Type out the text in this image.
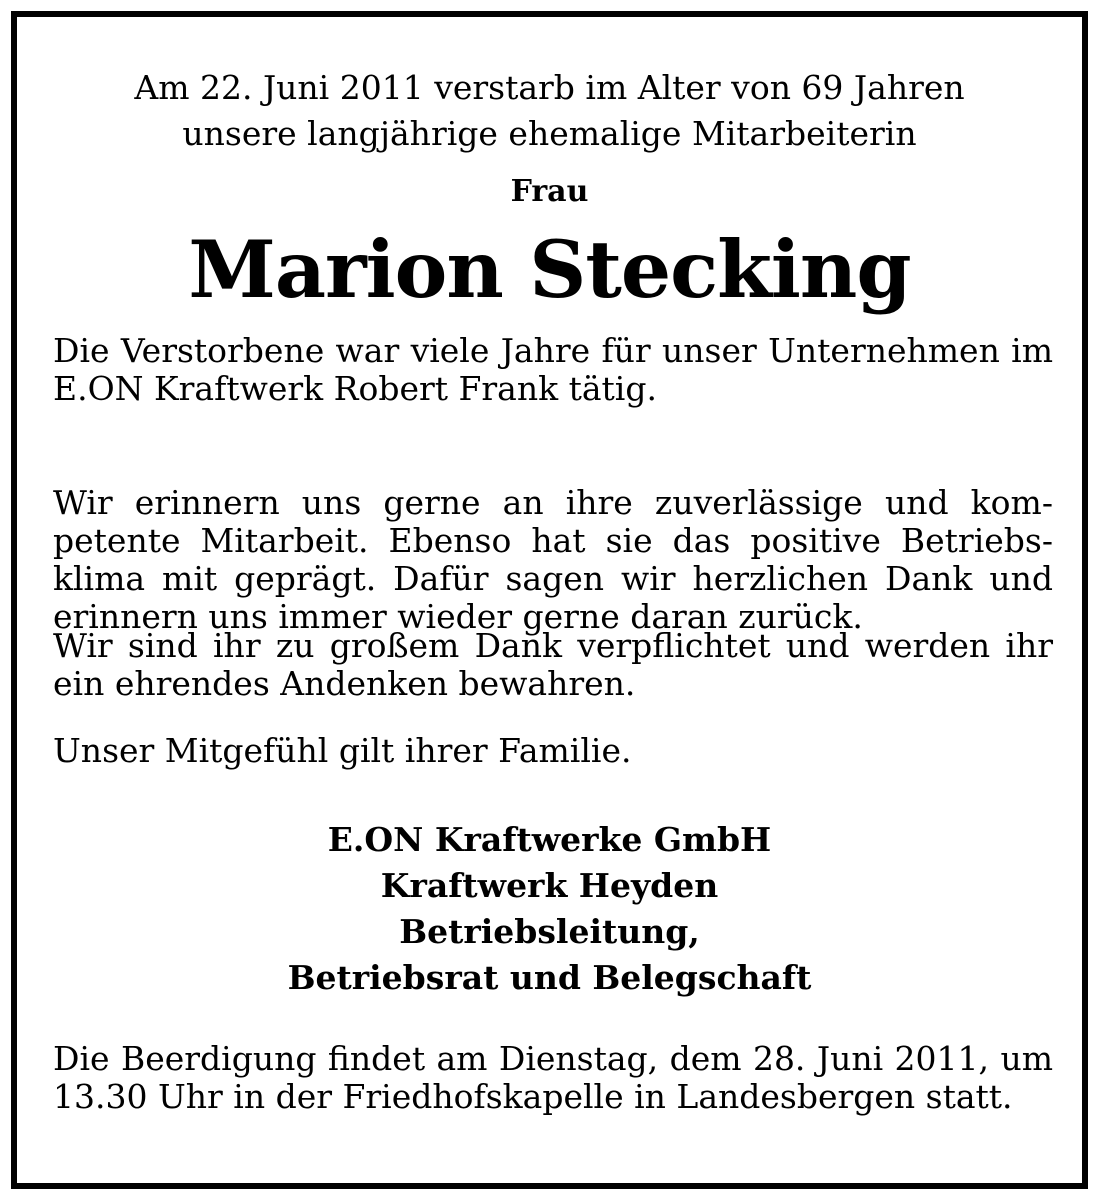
Am 22. Juni 2011 verstarb im Alter von 69 Jahren
unsere langjährige ehemalige Mitarbeiterin
Frau
Marion Stecking

Die Verstorbene war viele Jahre für unser Unternehmen im E.ON Kraftwerk Robert Frank tätig.

Wir erinnern uns gerne an ihre zuverlässige und kompetente Mitarbeit. Ebenso hat sie das positive Betriebsklima mit geprägt. Dafür sagen wir herzlichen Dank und erinnern uns immer wieder gerne daran zurück.

Wir sind ihr zu großem Dank verpflichtet und werden ihr ein ehrendes Andenken bewahren.

Unser Mitgefühl gilt ihrer Familie.

E.ON Kraftwerke GmbH
Kraftwerk Heyden
Betriebsleitung,
Betriebsrat und Belegschaft

Die Beerdigung findet am Dienstag, dem 28. Juni 2011, um 13.30 Uhr in der Friedhofskapelle in Landesbergen statt.
